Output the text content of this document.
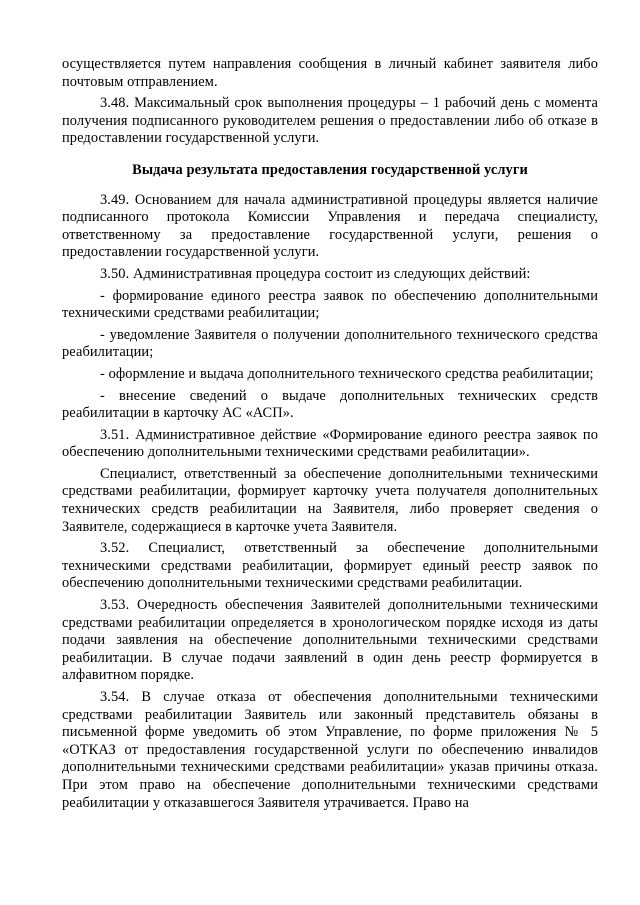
осуществляется путем направления сообщения в личный кабинет заявителя либо почтовым отправлением.

3.48. Максимальный срок выполнения процедуры – 1 рабочий день с момента получения подписанного руководителем решения о предоставлении либо об отказе в предоставлении государственной услуги.

Выдача результата предоставления государственной услуги

3.49. Основанием для начала административной процедуры является наличие подписанного протокола Комиссии Управления и передача специалисту, ответственному за предоставление государственной услуги, решения о предоставлении государственной услуги.

3.50. Административная процедура состоит из следующих действий:

- формирование единого реестра заявок по обеспечению дополнительными техническими средствами реабилитации;

- уведомление Заявителя о получении дополнительного технического средства реабилитации;

- оформление и выдача дополнительного технического средства реабилитации;

- внесение сведений о выдаче дополнительных технических средств реабилитации в карточку АС «АСП».

3.51. Административное действие «Формирование единого реестра заявок по обеспечению дополнительными техническими средствами реабилитации».

Специалист, ответственный за обеспечение дополнительными техническими средствами реабилитации, формирует карточку учета получателя дополнительных технических средств реабилитации на Заявителя, либо проверяет сведения о Заявителе, содержащиеся в карточке учета Заявителя.

3.52. Специалист, ответственный за обеспечение дополнительными техническими средствами реабилитации, формирует единый реестр заявок по обеспечению дополнительными техническими средствами реабилитации.

3.53. Очередность обеспечения Заявителей дополнительными техническими средствами реабилитации определяется в хронологическом порядке исходя из даты подачи заявления на обеспечение дополнительными техническими средствами реабилитации. В случае подачи заявлений в один день реестр формируется в алфавитном порядке.

3.54. В случае отказа от обеспечения дополнительными техническими средствами реабилитации Заявитель или законный представитель обязаны в письменной форме уведомить об этом Управление, по форме приложения № 5 «ОТКАЗ от предоставления государственной услуги по обеспечению инвалидов дополнительными техническими средствами реабилитации» указав причины отказа. При этом право на обеспечение дополнительными техническими средствами реабилитации у отказавшегося Заявителя утрачивается. Право на
